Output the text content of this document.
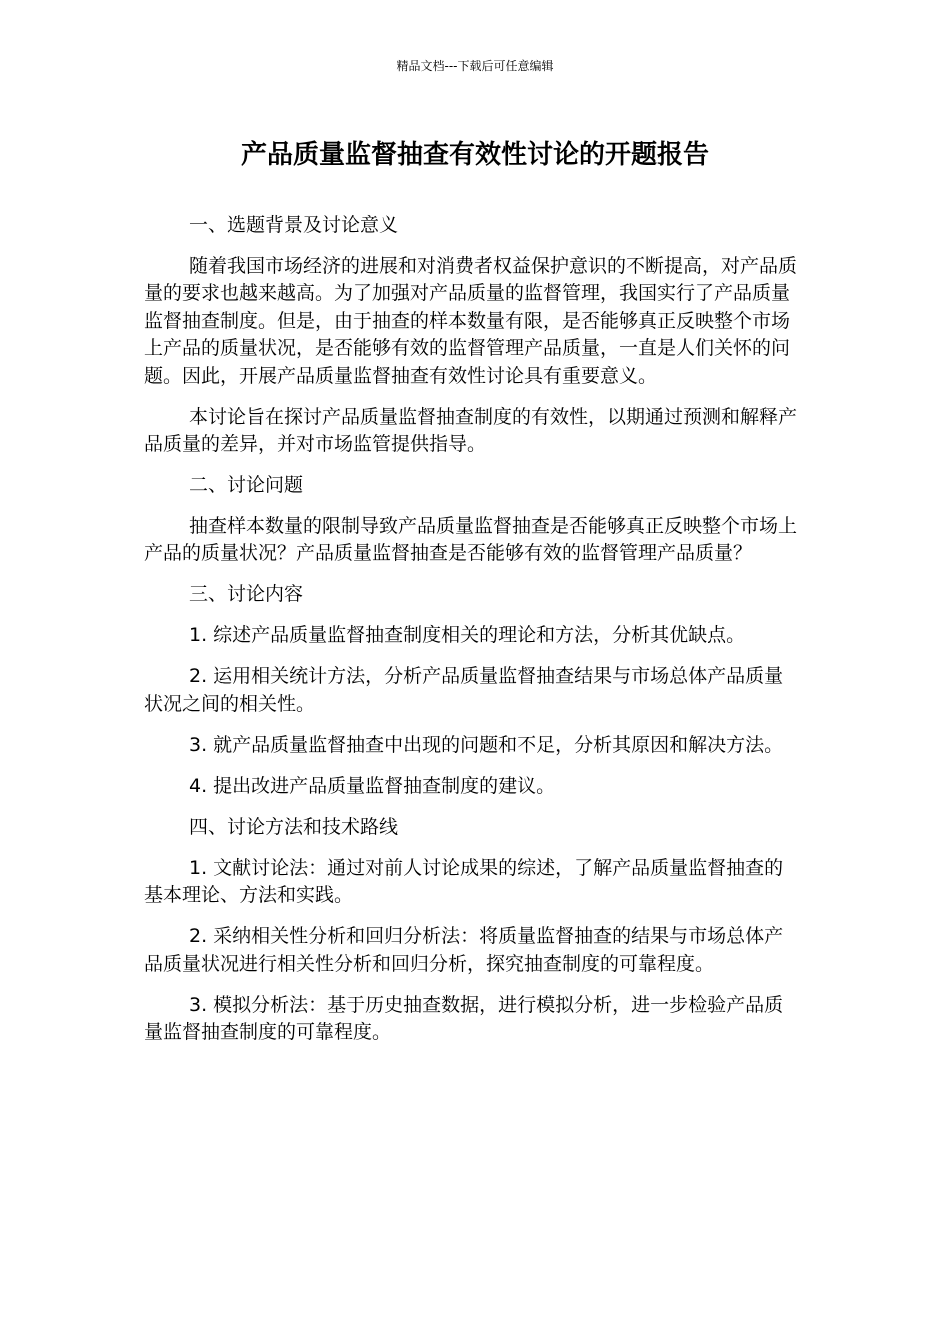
精品文档---下载后可任意编辑
产品质量监督抽查有效性讨论的开题报告

一、选题背景及讨论意义

随着我国市场经济的进展和对消费者权益保护意识的不断提高，对产品质量的要求也越来越高。为了加强对产品质量的监督管理，我国实行了产品质量监督抽查制度。但是，由于抽查的样本数量有限，是否能够真正反映整个市场上产品的质量状况，是否能够有效的监督管理产品质量，一直是人们关怀的问题。因此，开展产品质量监督抽查有效性讨论具有重要意义。

本讨论旨在探讨产品质量监督抽查制度的有效性，以期通过预测和解释产品质量的差异，并对市场监管提供指导。

二、讨论问题

抽查样本数量的限制导致产品质量监督抽查是否能够真正反映整个市场上产品的质量状况？产品质量监督抽查是否能够有效的监督管理产品质量？

三、讨论内容

1. 综述产品质量监督抽查制度相关的理论和方法，分析其优缺点。

2. 运用相关统计方法，分析产品质量监督抽查结果与市场总体产品质量状况之间的相关性。

3. 就产品质量监督抽查中出现的问题和不足，分析其原因和解决方法。

4. 提出改进产品质量监督抽查制度的建议。

四、讨论方法和技术路线

1. 文献讨论法：通过对前人讨论成果的综述，了解产品质量监督抽查的基本理论、方法和实践。

2. 采纳相关性分析和回归分析法：将质量监督抽查的结果与市场总体产品质量状况进行相关性分析和回归分析，探究抽查制度的可靠程度。

3. 模拟分析法：基于历史抽查数据，进行模拟分析，进一步检验产品质量监督抽查制度的可靠程度。
